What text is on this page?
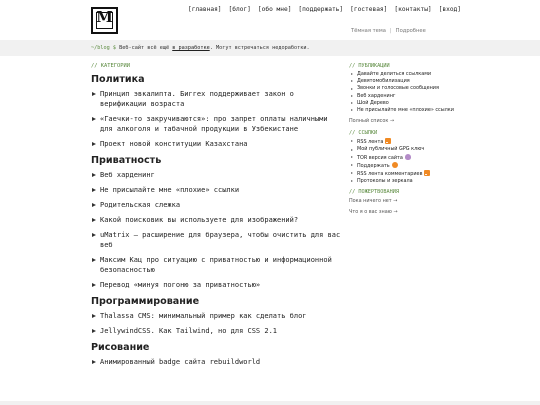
M	[главная] [блог] [обо мне] [поддержать] [гостевая] [контакты] [вход]
Тёмная тема | Подробнее
~/blog $ Веб-сайт всё ещё в разработке. Могут встречаться недоработки.
// КАТЕГОРИИ
Политика
Принцип эвкалипта. Биггех поддерживает закон о верификации возраста
«Гаечки-то закручиваются»: про запрет оплаты наличными для алкоголя и табачной продукции в Узбекистане
Проект новой конституции Казахстана
Приватность
Веб харденинг
Не присылайте мне «плохие» ссылки
Родительская слежка
Какой поисковик вы используете для изображений?
uMatrix – расширение для браузера, чтобы очистить для вас веб
Максим Кац про ситуацию с приватностью и информационной безопасностью
Перевод «минуя погоню за приватностью»
Программирование
Thalassa CMS: минимальный пример как сделать блог
JellywindCSS. Как Tailwind, но для CSS 2.1
Рисование
Анимированный badge сайта rebuildworld
// ПУБЛИКАЦИИ
Давайте делиться ссылками
Девятомобилизация
Звонки и голосовые сообщения
Веб харденинг
Шой Дерево
Не присылайте мне «плохие» ссылки
Полный список →
// ССЫЛКИ
RSS лента
Мой публичный GPG ключ
TOR версия сайта
Поддержать
RSS лента комментариев
Протоколы и зеркала
// ПОЖЕРТВОВАНИЯ
Пока ничего нет →
Что я о вас знаю →
